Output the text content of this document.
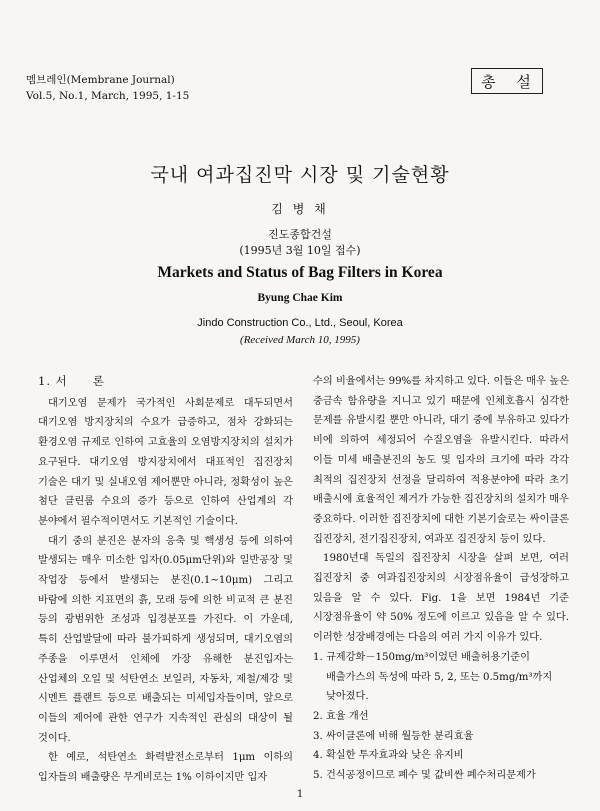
멤브레인(Membrane Journal)
Vol.5, No.1, March, 1995, 1-15
총 설
국내 여과집진막 시장 및 기술현황
김 병 채
진도종합건설
(1995년 3월 10일 접수)
Markets and Status of Bag Filters in Korea
Byung Chae Kim
Jindo Construction Co., Ltd., Seoul, Korea
(Received March 10, 1995)
1. 서　　론

대기오염 문제가 국가적인 사회문제로 대두되면서 대기오염 방지장치의 수요가 급증하고, 점차 강화되는 환경오염 규제로 인하여 고효율의 오염방지장치의 설치가 요구된다. 대기오염 방지장치에서 대표적인 집진장치 기술은 대기 및 실내오염 제어뿐만 아니라, 정확성이 높은 첨단 클린룸 수요의 증가 등으로 인하여 산업계의 각 분야에서 필수적이면서도 기본적인 기술이다.

대기 중의 분진은 분자의 응축 및 핵생성 등에 의하여 발생되는 매우 미소한 입자(0.05μm단위)와 일반공장 및 작업장 등에서 발생되는 분진(0.1∼10μm) 그리고 바람에 의한 지표면의 흙, 모래 등에 의한 비교적 큰 분진 등의 광범위한 조성과 입경분포를 가진다. 이 가운데, 특히 산업발달에 따라 불가피하게 생성되며, 대기오염의 주종을 이루면서 인체에 가장 유해한 분진입자는 산업체의 오일 및 석탄연소 보일러, 자동차, 제철/제강 및 시멘트 플랜트 등으로 배출되는 미세입자들이며, 앞으로 이들의 제어에 관한 연구가 지속적인 관심의 대상이 될 것이다.

한 예로, 석탄연소 화력발전소로부터 1μm 이하의 입자들의 배출량은 무게비로는 1% 이하이지만 입자

수의 비율에서는 99%를 차지하고 있다. 이들은 매우 높은 중금속 함유량을 지니고 있기 때문에 인체호흡시 심각한 문제를 유발시킬 뿐만 아니라, 대기 중에 부유하고 있다가 비에 의하여 세정되어 수질오염을 유발시킨다. 따라서 이들 미세 배출분진의 농도 및 입자의 크기에 따라 각각 최적의 집진장치 선정을 달리하여 적용분야에 따라 초기 배출시에 효율적인 제거가 가능한 집진장치의 설치가 매우 중요하다. 이러한 집진장치에 대한 기본기술로는 싸이클론 집진장치, 전기집진장치, 여과포 집진장치 등이 있다.

1980년대 독일의 집진장치 시장을 살펴 보면, 여러 집진장치 중 여과집진장치의 시장점유율이 급성장하고 있음을 알 수 있다. Fig. 1을 보면 1984년 기준 시장점유율이 약 50% 정도에 이르고 있음을 알 수 있다. 이러한 성장배경에는 다음의 여러 가지 이유가 있다.

1. 규제강화－150mg/m³이었던 배출허용기준이 배출가스의 독성에 따라 5, 2, 또는 0.5mg/m³까지 낮아졌다.
2. 효율 개선
3. 싸이클론에 비해 월등한 분리효율
4. 확실한 투자효과와 낮은 유지비
5. 건식공정이므로 폐수 및 값비싼 폐수처리문제가
1
